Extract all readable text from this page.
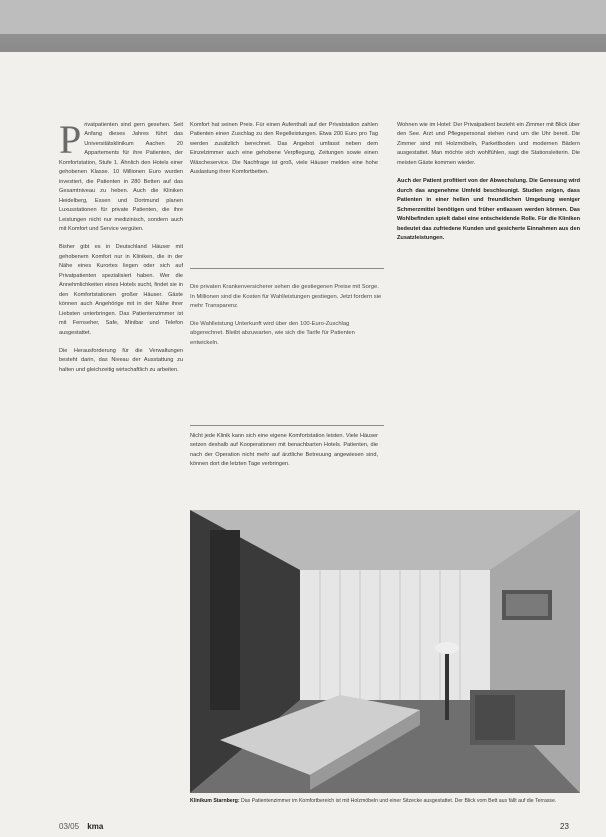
P rivatpatienten sind gern gesehen. Seit Anfang dieses Jahres führt das Universitätsklinikum Aachen 20 Appartements für ihre Patienten, der Komfortstation, Stufe 1. Ähnlich den Hotels einer gehobenen Klasse. 10 Millionen Euro wurden investiert, die Patienten in 280 Betten auf das Gesamtniveau zu heben. Auch die Kliniken Heidelberg, Essen und Dortmund planen Luxusstationen für private Patienten, die ihre Leistungen nicht nur medizinisch, sondern auch mit Komfort und Service vergüten.

Bisher gibt es in Deutschland Häuser mit gehobenem Komfort nur in Kliniken, die in der Nähe eines Kurortes liegen oder sich auf Privatpatienten spezialisiert haben. Wer die Annehmlichkeiten eines Hotels sucht, findet sie in den Komfortstationen großer Häuser. Gäste können auch Angehörige mit in der Nähe ihrer Liebsten unterbringen. Das Patientenzimmer ist mit Fernseher, Safe, Minibar und Telefon ausgestattet.

Die Herausforderung für die Verwaltungen besteht darin, das Niveau der Ausstattung zu halten und gleichzeitig wirtschaftlich zu arbeiten.

Komfort hat seinen Preis. Für einen Aufenthalt auf der Privatstation zahlen Patienten einen Zuschlag zu den Regelleistungen. Etwa 200 Euro pro Tag werden zusätzlich berechnet. Das Angebot umfasst neben dem Einzelzimmer auch eine gehobene Verpflegung, Zeitungen sowie einen Wäscheservice. Die Nachfrage ist groß, viele Häuser melden eine hohe Auslastung ihrer Komfortbetten.

Die privaten Krankenversicherer sehen die gestiegenen Preise mit Sorge. In Millionen sind die Kosten für Wahlleistungen gestiegen. Jetzt fordern sie mehr Transparenz.

Die Wahlleistung Unterkunft wird über den 100-Euro-Zuschlag abgerechnet. Bleibt abzuwarten, wie sich die Tarife für Patienten entwickeln.

Nicht jede Klinik kann sich eine eigene Komfortstation leisten. Viele Häuser setzen deshalb auf Kooperationen mit benachbarten Hotels. Patienten, die nach der Operation nicht mehr auf ärztliche Betreuung angewiesen sind, können dort die letzten Tage verbringen.

Wohnen wie im Hotel: Der Privatpatient bezieht ein Zimmer mit Blick über den See. Arzt und Pflegepersonal stehen rund um die Uhr bereit. Die Zimmer sind mit Holzmöbeln, Parkettboden und modernen Bädern ausgestattet. Man möchte sich wohlfühlen, sagt die Stationsleiterin. Die meisten Gäste kommen wieder.

Auch der Patient profitiert von der Abwechslung. Die Genesung wird durch das angenehme Umfeld beschleunigt. Studien zeigen, dass Patienten in einer hellen und freundlichen Umgebung weniger Schmerzmittel benötigen und früher entlassen werden können. Das Wohlbefinden spielt dabei eine entscheidende Rolle. Für die Kliniken bedeutet das zufriedene Kunden und gesicherte Einnahmen aus den Zusatzleistungen.

Klinikum Starnberg: Das Patientenzimmer im Komfortbereich ist mit Holzmöbeln und einer Sitzecke ausgestattet. Der Blick vom Bett aus fällt auf die Terrasse.
03/05 kma	23
